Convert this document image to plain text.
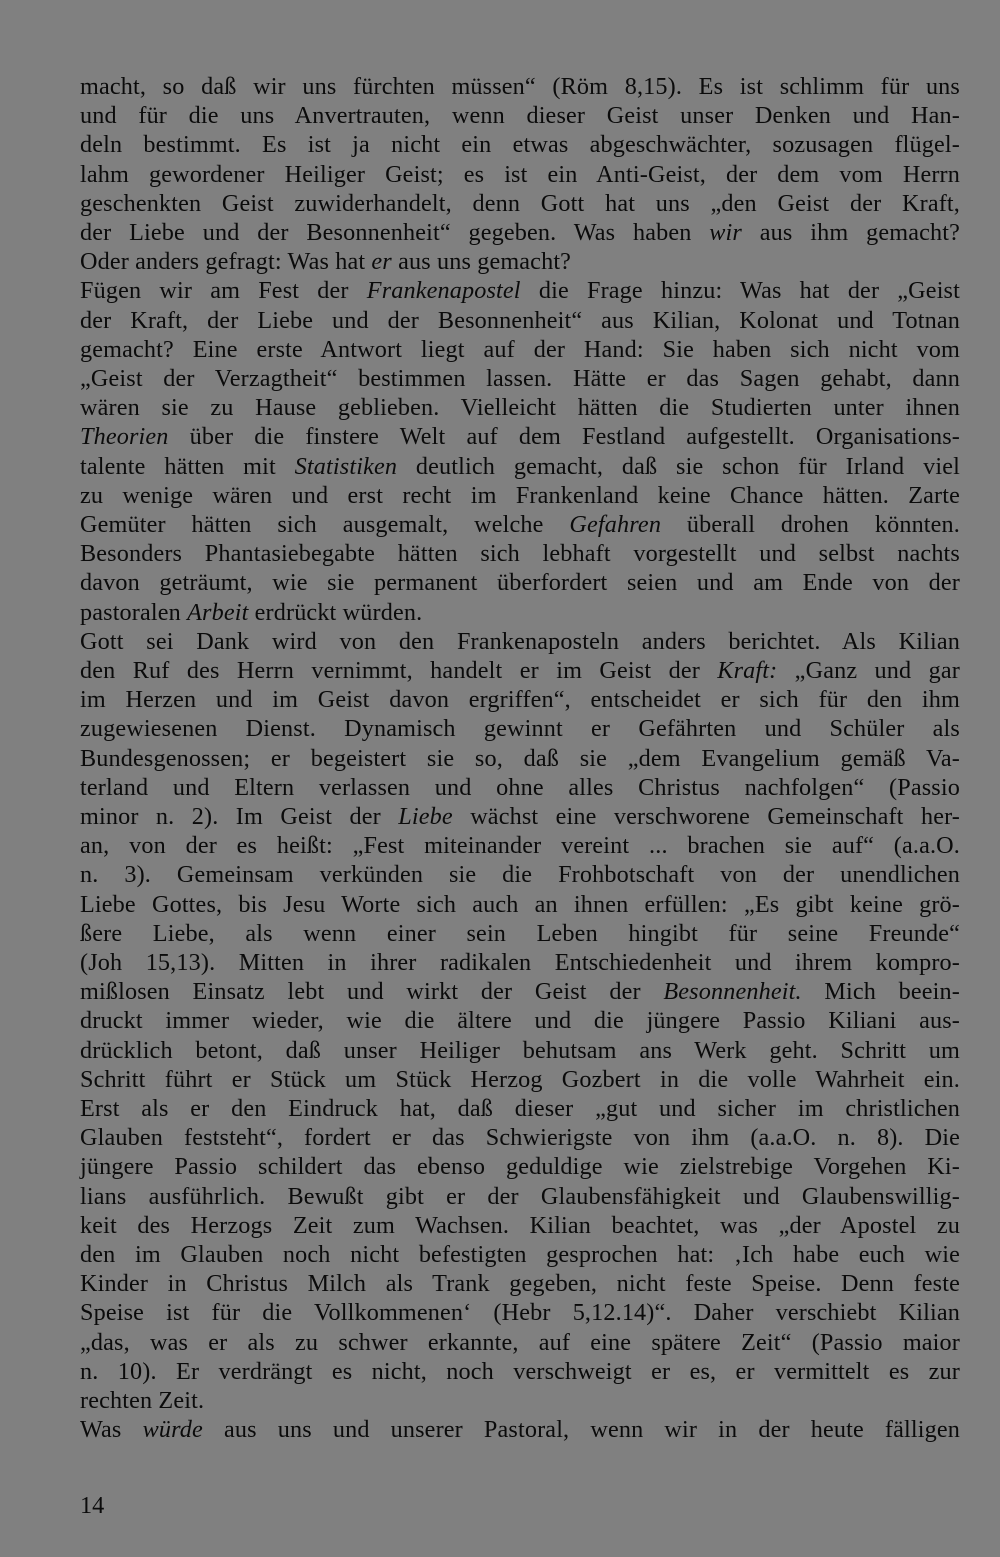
macht, so daß wir uns fürchten müssen“ (Röm 8,15). Es ist schlimm für uns
und für die uns Anvertrauten, wenn dieser Geist unser Denken und Han-
deln bestimmt. Es ist ja nicht ein etwas abgeschwächter, sozusagen flügel-
lahm gewordener Heiliger Geist; es ist ein Anti-Geist, der dem vom Herrn
geschenkten Geist zuwiderhandelt, denn Gott hat uns „den Geist der Kraft,
der Liebe und der Besonnenheit“ gegeben. Was haben wir aus ihm gemacht?
Oder anders gefragt: Was hat er aus uns gemacht?
Fügen wir am Fest der Frankenapostel die Frage hinzu: Was hat der „Geist
der Kraft, der Liebe und der Besonnenheit“ aus Kilian, Kolonat und Totnan
gemacht? Eine erste Antwort liegt auf der Hand: Sie haben sich nicht vom
„Geist der Verzagtheit“ bestimmen lassen. Hätte er das Sagen gehabt, dann
wären sie zu Hause geblieben. Vielleicht hätten die Studierten unter ihnen
Theorien über die finstere Welt auf dem Festland aufgestellt. Organisations-
talente hätten mit Statistiken deutlich gemacht, daß sie schon für Irland viel
zu wenige wären und erst recht im Frankenland keine Chance hätten. Zarte
Gemüter hätten sich ausgemalt, welche Gefahren überall drohen könnten.
Besonders Phantasiebegabte hätten sich lebhaft vorgestellt und selbst nachts
davon geträumt, wie sie permanent überfordert seien und am Ende von der
pastoralen Arbeit erdrückt würden.
Gott sei Dank wird von den Frankenaposteln anders berichtet. Als Kilian
den Ruf des Herrn vernimmt, handelt er im Geist der Kraft: „Ganz und gar
im Herzen und im Geist davon ergriffen“, entscheidet er sich für den ihm
zugewiesenen Dienst. Dynamisch gewinnt er Gefährten und Schüler als
Bundesgenossen; er begeistert sie so, daß sie „dem Evangelium gemäß Va-
terland und Eltern verlassen und ohne alles Christus nachfolgen“ (Passio
minor n. 2). Im Geist der Liebe wächst eine verschworene Gemeinschaft her-
an, von der es heißt: „Fest miteinander vereint ... brachen sie auf“ (a.a.O.
n. 3). Gemeinsam verkünden sie die Frohbotschaft von der unendlichen
Liebe Gottes, bis Jesu Worte sich auch an ihnen erfüllen: „Es gibt keine grö-
ßere Liebe, als wenn einer sein Leben hingibt für seine Freunde“
(Joh 15,13). Mitten in ihrer radikalen Entschiedenheit und ihrem kompro-
mißlosen Einsatz lebt und wirkt der Geist der Besonnenheit. Mich beein-
druckt immer wieder, wie die ältere und die jüngere Passio Kiliani aus-
drücklich betont, daß unser Heiliger behutsam ans Werk geht. Schritt um
Schritt führt er Stück um Stück Herzog Gozbert in die volle Wahrheit ein.
Erst als er den Eindruck hat, daß dieser „gut und sicher im christlichen
Glauben feststeht“, fordert er das Schwierigste von ihm (a.a.O. n. 8). Die
jüngere Passio schildert das ebenso geduldige wie zielstrebige Vorgehen Ki-
lians ausführlich. Bewußt gibt er der Glaubensfähigkeit und Glaubenswillig-
keit des Herzogs Zeit zum Wachsen. Kilian beachtet, was „der Apostel zu
den im Glauben noch nicht befestigten gesprochen hat: ‚Ich habe euch wie
Kinder in Christus Milch als Trank gegeben, nicht feste Speise. Denn feste
Speise ist für die Vollkommenen‘ (Hebr 5,12.14)“. Daher verschiebt Kilian
„das, was er als zu schwer erkannte, auf eine spätere Zeit“ (Passio maior
n. 10). Er verdrängt es nicht, noch verschweigt er es, er vermittelt es zur
rechten Zeit.
Was würde aus uns und unserer Pastoral, wenn wir in der heute fälligen
14
